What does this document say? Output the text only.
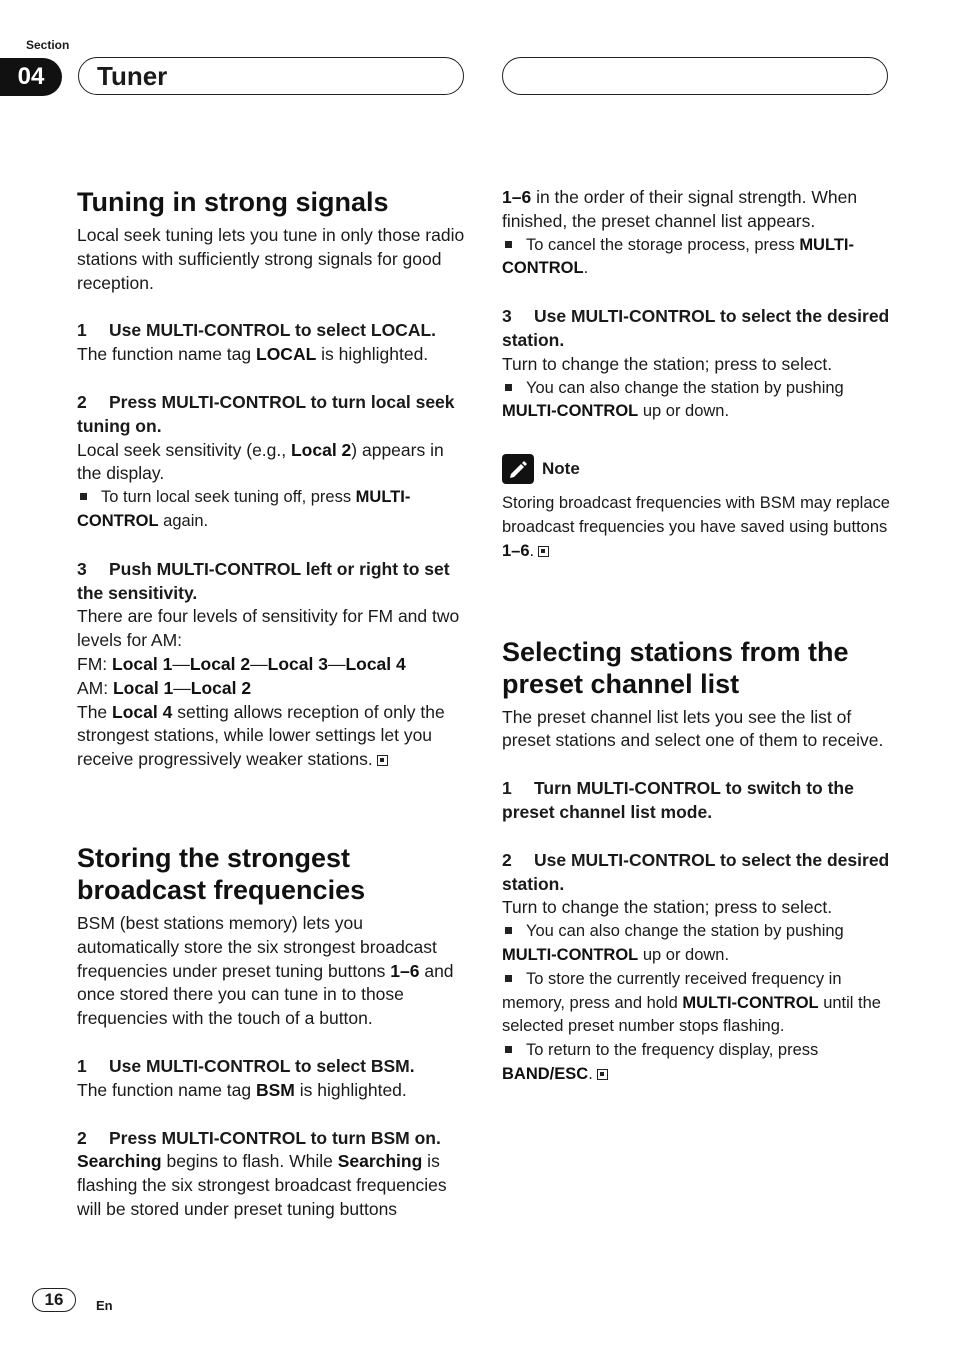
Section
04	Tuner
Tuning in strong signals

Local seek tuning lets you tune in only those radio stations with sufficiently strong signals for good reception.

1 Use MULTI-CONTROL to select LOCAL.

The function name tag LOCAL is highlighted.

2 Press MULTI-CONTROL to turn local seek tuning on.

Local seek sensitivity (e.g., Local 2) appears in the display.

To turn local seek tuning off, press MULTI-CONTROL again.

3 Push MULTI-CONTROL left or right to set the sensitivity.

There are four levels of sensitivity for FM and two levels for AM:

FM: Local 1—Local 2—Local 3—Local 4

AM: Local 1—Local 2

The Local 4 setting allows reception of only the strongest stations, while lower settings let you receive progressively weaker stations.

Storing the strongest broadcast frequencies

BSM (best stations memory) lets you automatically store the six strongest broadcast frequencies under preset tuning buttons 1–6 and once stored there you can tune in to those frequencies with the touch of a button.

1 Use MULTI-CONTROL to select BSM.

The function name tag BSM is highlighted.

2 Press MULTI-CONTROL to turn BSM on.

Searching begins to flash. While Searching is flashing the six strongest broadcast frequencies will be stored under preset tuning buttons

1–6 in the order of their signal strength. When finished, the preset channel list appears.

To cancel the storage process, press MULTI-CONTROL.

3 Use MULTI-CONTROL to select the desired station.

Turn to change the station; press to select.

You can also change the station by pushing MULTI-CONTROL up or down.

Note

Storing broadcast frequencies with BSM may replace broadcast frequencies you have saved using buttons 1–6.

Selecting stations from the preset channel list

The preset channel list lets you see the list of preset stations and select one of them to receive.

1 Turn MULTI-CONTROL to switch to the preset channel list mode.

2 Use MULTI-CONTROL to select the desired station.

Turn to change the station; press to select.

You can also change the station by pushing MULTI-CONTROL up or down.

To store the currently received frequency in memory, press and hold MULTI-CONTROL until the selected preset number stops flashing.

To return to the frequency display, press BAND/ESC.

16	En
